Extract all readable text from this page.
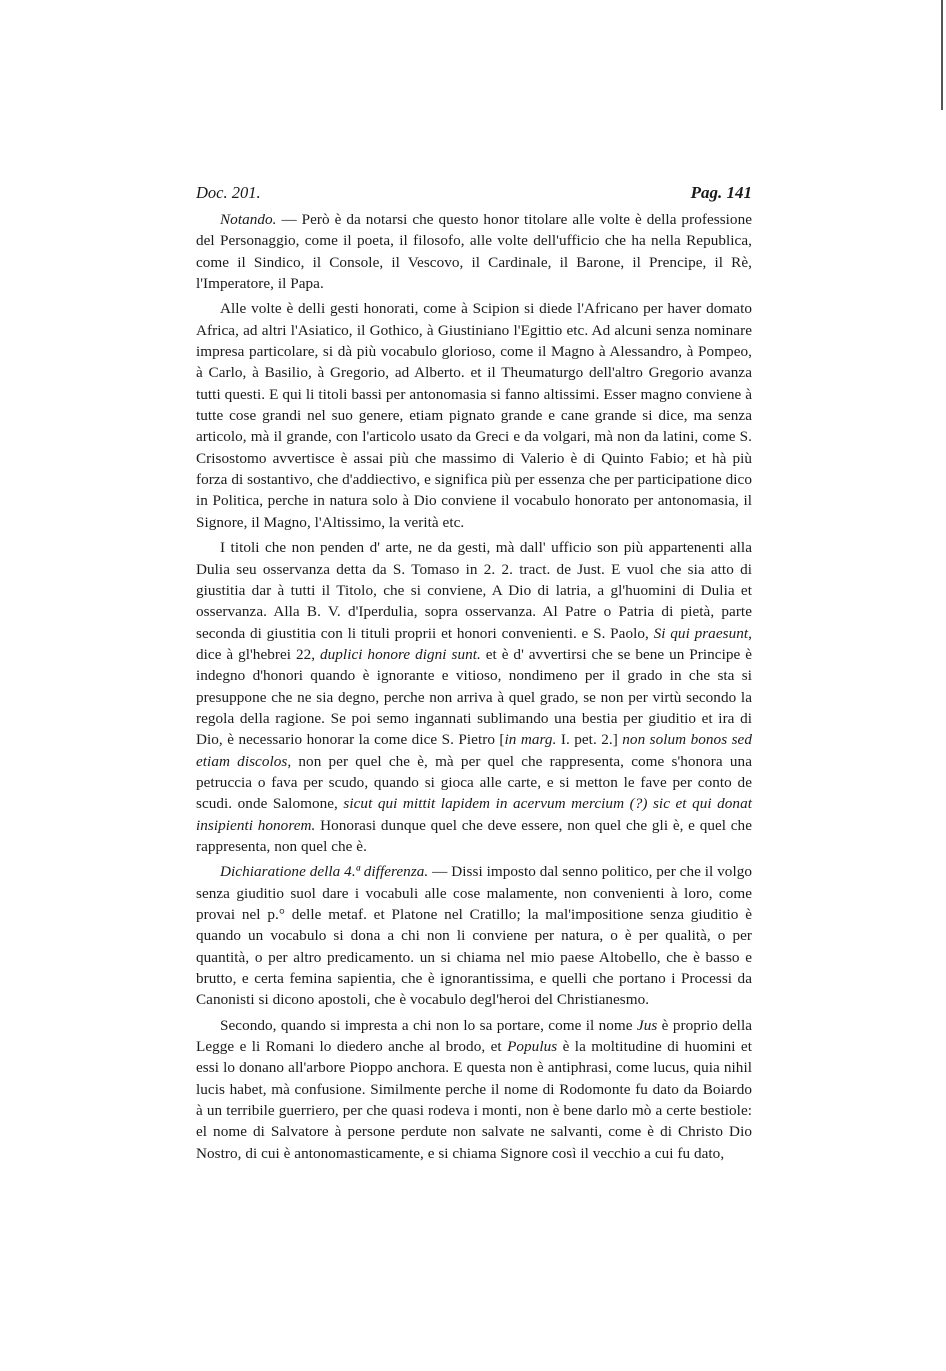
Doc. 201.	Pag. 141

Notando. — Però è da notarsi che questo honor titolare alle volte è della professione del Personaggio, come il poeta, il filosofo, alle volte dell'ufficio che ha nella Republica, come il Sindico, il Console, il Vescovo, il Cardinale, il Barone, il Prencipe, il Rè, l'Imperatore, il Papa.

Alle volte è delli gesti honorati, come à Scipion si diede l'Africano per haver domato Africa, ad altri l'Asiatico, il Gothico, à Giustiniano l'Egittio etc. Ad alcuni senza nominare impresa particolare, si dà più vocabulo glorioso, come il Magno à Alessandro, à Pompeo, à Carlo, à Basilio, à Gregorio, ad Alberto. et il Theumaturgo dell'altro Gregorio avanza tutti questi. E qui li titoli bassi per antonomasia si fanno altissimi. Esser magno conviene à tutte cose grandi nel suo genere, etiam pignato grande e cane grande si dice, ma senza articolo, mà il grande, con l'articolo usato da Greci e da volgari, mà non da latini, come S. Crisostomo avvertisce è assai più che massimo di Valerio è di Quinto Fabio; et hà più forza di sostantivo, che d'addiectivo, e significa più per essenza che per participatione dico in Politica, perche in natura solo à Dio conviene il vocabulo honorato per antonomasia, il Signore, il Magno, l'Altissimo, la verità etc.

I titoli che non penden d' arte, ne da gesti, mà dall' ufficio son più appartenenti alla Dulia seu osservanza detta da S. Tomaso in 2. 2. tract. de Just. E vuol che sia atto di giustitia dar à tutti il Titolo, che si conviene, A Dio di latria, a gl'huomini di Dulia et osservanza. Alla B. V. d'Iperdulia, sopra osservanza. Al Patre o Patria di pietà, parte seconda di giustitia con li tituli proprii et honori convenienti. e S. Paolo, Si qui praesunt, dice à gl'hebrei 22, duplici honore digni sunt. et è d' avvertirsi che se bene un Principe è indegno d'honori quando è ignorante e vitioso, nondimeno per il grado in che sta si presuppone che ne sia degno, perche non arriva à quel grado, se non per virtù secondo la regola della ragione. Se poi semo ingannati sublimando una bestia per giuditio et ira di Dio, è necessario honorar la come dice S. Pietro [in marg. I. pet. 2.] non solum bonos sed etiam discolos, non per quel che è, mà per quel che rappresenta, come s'honora una petruccia o fava per scudo, quando si gioca alle carte, e si metton le fave per conto de scudi. onde Salomone, sicut qui mittit lapidem in acervum mercium (?) sic et qui donat insipienti honorem. Honorasi dunque quel che deve essere, non quel che gli è, e quel che rappresenta, non quel che è.

Dichiaratione della 4.ª differenza. — Dissi imposto dal senno politico, per che il volgo senza giuditio suol dare i vocabuli alle cose malamente, non convenienti à loro, come provai nel p.° delle metaf. et Platone nel Cratillo; la mal'impositione senza giuditio è quando un vocabulo si dona a chi non li conviene per natura, o è per qualità, o per quantità, o per altro predicamento. un si chiama nel mio paese Altobello, che è basso e brutto, e certa femina sapientia, che è ignorantissima, e quelli che portano i Processi da Canonisti si dicono apostoli, che è vocabulo degl'heroi del Christianesmo.

Secondo, quando si impresta a chi non lo sa portare, come il nome Jus è proprio della Legge e li Romani lo diedero anche al brodo, et Populus è la moltitudine di huomini et essi lo donano all'arbore Pioppo anchora. E questa non è antiphrasi, come lucus, quia nihil lucis habet, mà confusione. Similmente perche il nome di Rodomonte fu dato da Boiardo à un terribile guerriero, per che quasi rodeva i monti, non è bene darlo mò a certe bestiole: el nome di Salvatore à persone perdute non salvate ne salvanti, come è di Christo Dio Nostro, di cui è antonomasticamente, e si chiama Signore così il vecchio a cui fu dato,
